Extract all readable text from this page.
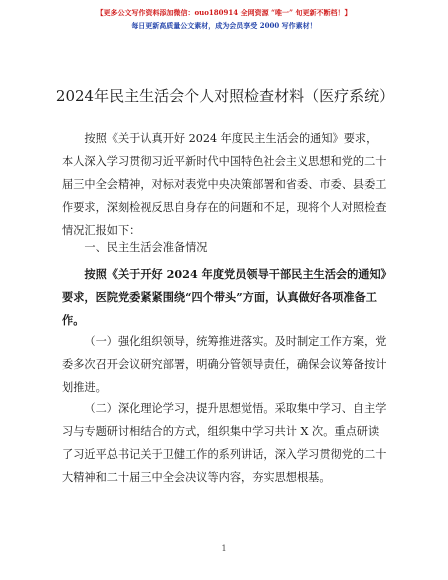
【更多公文写作资料添加微信：ouo180914 全网资源 “唯一” 旬更新不断档！】
每日更新高质量公文素材，成为会员享受 2000 写作素材！
2024年民主生活会个人对照检查材料（医疗系统）

按照《关于认真开好 2024 年度民主生活会的通知》要求，本人深入学习贯彻习近平新时代中国特色社会主义思想和党的二十届三中全会精神，对标对表党中央决策部署和省委、市委、县委工作要求，深刻检视反思自身存在的问题和不足，现将个人对照检查情况汇报如下：

一、民主生活会准备情况

按照《关于开好 2024 年度党员领导干部民主生活会的通知》要求，医院党委紧紧围绕“四个带头”方面，认真做好各项准备工作。

（一）强化组织领导，统筹推进落实。及时制定工作方案，党委多次召开会议研究部署，明确分管领导责任，确保会议筹备按计划推进。

（二）深化理论学习，提升思想觉悟。采取集中学习、自主学习与专题研讨相结合的方式，组织集中学习共计 X 次。重点研读了习近平总书记关于卫健工作的系列讲话，深入学习贯彻党的二十大精神和二十届三中全会决议等内容，夯实思想根基。

1
